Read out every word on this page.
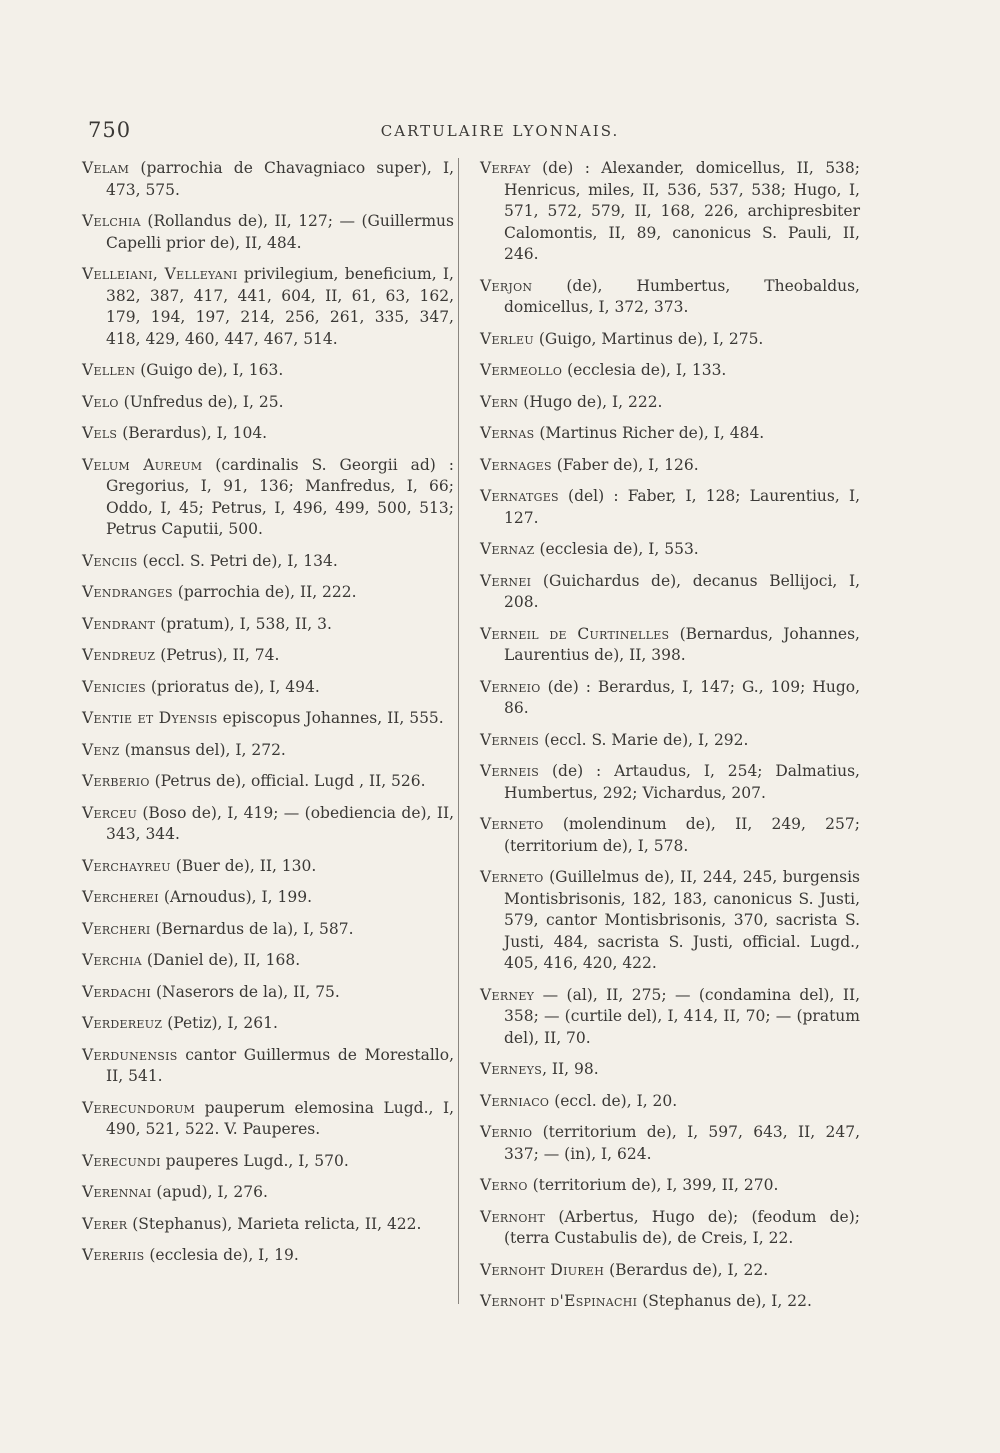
750	CARTULAIRE LYONNAIS.

Velam (parrochia de Chavagniaco super), I, 473, 575.

Velchia (Rollandus de), II, 127; — (Guillermus Capelli prior de), II, 484.

Velleiani, Velleyani privilegium, beneficium, I, 382, 387, 417, 441, 604, II, 61, 63, 162, 179, 194, 197, 214, 256, 261, 335, 347, 418, 429, 460, 447, 467, 514.

Vellen (Guigo de), I, 163.

Velo (Unfredus de), I, 25.

Vels (Berardus), I, 104.

Velum Aureum (cardinalis S. Georgii ad) : Gregorius, I, 91, 136; Manfredus, I, 66; Oddo, I, 45; Petrus, I, 496, 499, 500, 513; Petrus Caputii, 500.

Venciis (eccl. S. Petri de), I, 134.

Vendranges (parrochia de), II, 222.

Vendrant (pratum), I, 538, II, 3.

Vendreuz (Petrus), II, 74.

Venicies (prioratus de), I, 494.

Ventie et Dyensis episcopus Johannes, II, 555.

Venz (mansus del), I, 272.

Verberio (Petrus de), official. Lugd , II, 526.

Verceu (Boso de), I, 419; — (obediencia de), II, 343, 344.

Verchayreu (Buer de), II, 130.

Vercherei (Arnoudus), I, 199.

Vercheri (Bernardus de la), I, 587.

Verchia (Daniel de), II, 168.

Verdachi (Naserors de la), II, 75.

Verdereuz (Petiz), I, 261.

Verdunensis cantor Guillermus de Morestallo, II, 541.

Verecundorum pauperum elemosina Lugd., I, 490, 521, 522. V. Pauperes.

Verecundi pauperes Lugd., I, 570.

Verennai (apud), I, 276.

Verer (Stephanus), Marieta relicta, II, 422.

Vereriis (ecclesia de), I, 19.

Verfay (de) : Alexander, domicellus, II, 538; Henricus, miles, II, 536, 537, 538; Hugo, I, 571, 572, 579, II, 168, 226, archipresbiter Calomontis, II, 89, canonicus S. Pauli, II, 246.

Verjon (de), Humbertus, Theobaldus, domicellus, I, 372, 373.

Verleu (Guigo, Martinus de), I, 275.

Vermeollo (ecclesia de), I, 133.

Vern (Hugo de), I, 222.

Vernas (Martinus Richer de), I, 484.

Vernages (Faber de), I, 126.

Vernatges (del) : Faber, I, 128; Laurentius, I, 127.

Vernaz (ecclesia de), I, 553.

Vernei (Guichardus de), decanus Bellijoci, I, 208.

Verneil de Curtinelles (Bernardus, Johannes, Laurentius de), II, 398.

Verneio (de) : Berardus, I, 147; G., 109; Hugo, 86.

Verneis (eccl. S. Marie de), I, 292.

Verneis (de) : Artaudus, I, 254; Dalmatius, Humbertus, 292; Vichardus, 207.

Verneto (molendinum de), II, 249, 257; (territorium de), I, 578.

Verneto (Guillelmus de), II, 244, 245, burgensis Montisbrisonis, 182, 183, canonicus S. Justi, 579, cantor Montisbrisonis, 370, sacrista S. Justi, 484, sacrista S. Justi, official. Lugd., 405, 416, 420, 422.

Verney — (al), II, 275; — (condamina del), II, 358; — (curtile del), I, 414, II, 70; — (pratum del), II, 70.

Verneys, II, 98.

Verniaco (eccl. de), I, 20.

Vernio (territorium de), I, 597, 643, II, 247, 337; — (in), I, 624.

Verno (territorium de), I, 399, II, 270.

Vernoht (Arbertus, Hugo de); (feodum de); (terra Custabulis de), de Creis, I, 22.

Vernoht Diureh (Berardus de), I, 22.

Vernoht d'Espinachi (Stephanus de), I, 22.
